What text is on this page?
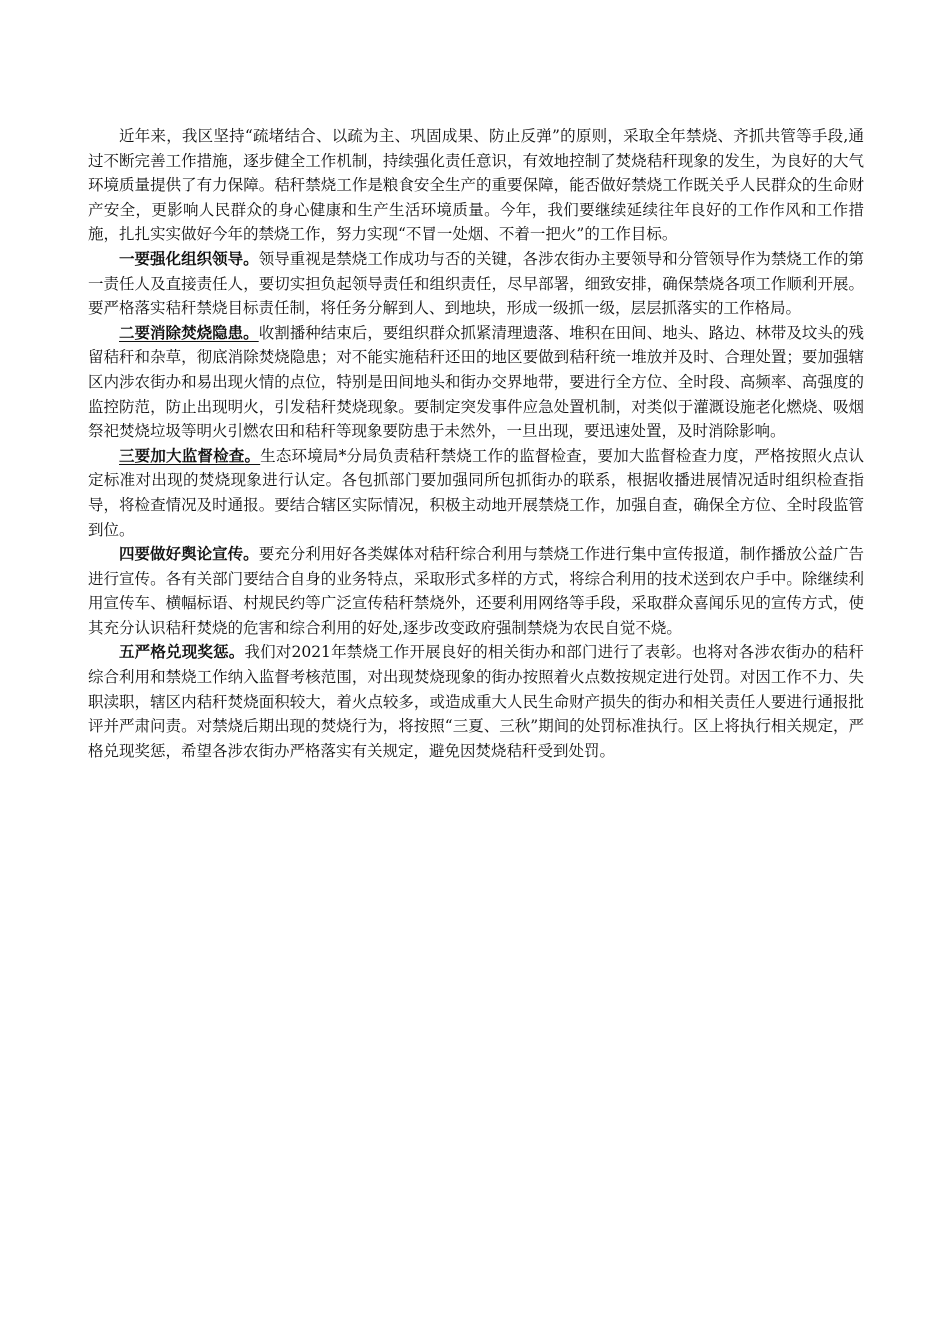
近年来，我区坚持“疏堵结合、以疏为主、巩固成果、防止反弹”的原则，采取全年禁烧、齐抓共管等手段,通过不断完善工作措施，逐步健全工作机制，持续强化责任意识，有效地控制了焚烧秸秆现象的发生，为良好的大气环境质量提供了有力保障。秸秆禁烧工作是粮食安全生产的重要保障，能否做好禁烧工作既关乎人民群众的生命财产安全，更影响人民群众的身心健康和生产生活环境质量。今年，我们要继续延续往年良好的工作作风和工作措施，扎扎实实做好今年的禁烧工作，努力实现“不冒一处烟、不着一把火”的工作目标。

一要强化组织领导。领导重视是禁烧工作成功与否的关键，各涉农街办主要领导和分管领导作为禁烧工作的第一责任人及直接责任人，要切实担负起领导责任和组织责任，尽早部署，细致安排，确保禁烧各项工作顺利开展。要严格落实秸秆禁烧目标责任制，将任务分解到人、到地块，形成一级抓一级，层层抓落实的工作格局。

二要消除焚烧隐患。收割播种结束后，要组织群众抓紧清理遗落、堆积在田间、地头、路边、林带及坟头的残留秸秆和杂草，彻底消除焚烧隐患；对不能实施秸秆还田的地区要做到秸秆统一堆放并及时、合理处置；要加强辖区内涉农街办和易出现火情的点位，特别是田间地头和街办交界地带，要进行全方位、全时段、高频率、高强度的监控防范，防止出现明火，引发秸秆焚烧现象。要制定突发事件应急处置机制，对类似于灌溉设施老化燃烧、吸烟祭祀焚烧垃圾等明火引燃农田和秸秆等现象要防患于未然外，一旦出现，要迅速处置，及时消除影响。

三要加大监督检查。生态环境局*分局负责秸秆禁烧工作的监督检查，要加大监督检查力度，严格按照火点认定标准对出现的焚烧现象进行认定。各包抓部门要加强同所包抓街办的联系，根据收播进展情况适时组织检查指导，将检查情况及时通报。要结合辖区实际情况，积极主动地开展禁烧工作，加强自查，确保全方位、全时段监管到位。

四要做好舆论宣传。要充分利用好各类媒体对秸秆综合利用与禁烧工作进行集中宣传报道，制作播放公益广告进行宣传。各有关部门要结合自身的业务特点，采取形式多样的方式，将综合利用的技术送到农户手中。除继续利用宣传车、横幅标语、村规民约等广泛宣传秸秆禁烧外，还要利用网络等手段，采取群众喜闻乐见的宣传方式，使其充分认识秸秆焚烧的危害和综合利用的好处,逐步改变政府强制禁烧为农民自觉不烧。

五严格兑现奖惩。我们对2021年禁烧工作开展良好的相关街办和部门进行了表彰。也将对各涉农街办的秸秆综合利用和禁烧工作纳入监督考核范围，对出现焚烧现象的街办按照着火点数按规定进行处罚。对因工作不力、失职渎职，辖区内秸秆焚烧面积较大，着火点较多，或造成重大人民生命财产损失的街办和相关责任人要进行通报批评并严肃问责。对禁烧后期出现的焚烧行为，将按照“三夏、三秋”期间的处罚标准执行。区上将执行相关规定，严格兑现奖惩，希望各涉农街办严格落实有关规定，避免因焚烧秸秆受到处罚。
